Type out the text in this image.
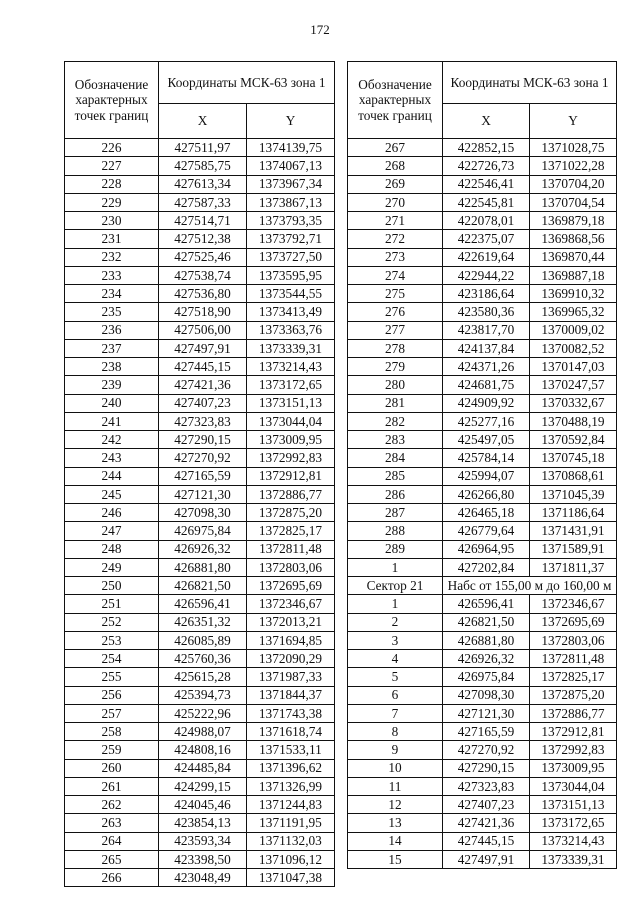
172
Обозначение характерных точек границ	Координаты МСК-63 зона 1	
	X	Y
226	427511,97	1374139,75
227	427585,75	1374067,13
228	427613,34	1373967,34
229	427587,33	1373867,13
230	427514,71	1373793,35
231	427512,38	1373792,71
232	427525,46	1373727,50
233	427538,74	1373595,95
234	427536,80	1373544,55
235	427518,90	1373413,49
236	427506,00	1373363,76
237	427497,91	1373339,31
238	427445,15	1373214,43
239	427421,36	1373172,65
240	427407,23	1373151,13
241	427323,83	1373044,04
242	427290,15	1373009,95
243	427270,92	1372992,83
244	427165,59	1372912,81
245	427121,30	1372886,77
246	427098,30	1372875,20
247	426975,84	1372825,17
248	426926,32	1372811,48
249	426881,80	1372803,06
250	426821,50	1372695,69
251	426596,41	1372346,67
252	426351,32	1372013,21
253	426085,89	1371694,85
254	425760,36	1372090,29
255	425615,28	1371987,33
256	425394,73	1371844,37
257	425222,96	1371743,38
258	424988,07	1371618,74
259	424808,16	1371533,11
260	424485,84	1371396,62
261	424299,15	1371326,99
262	424045,46	1371244,83
263	423854,13	1371191,95
264	423593,34	1371132,03
265	423398,50	1371096,12
266	423048,49	1371047,38
Обозначение характерных точек границ	Координаты МСК-63 зона 1	
	X	Y
267	422852,15	1371028,75
268	422726,73	1371022,28
269	422546,41	1370704,20
270	422545,81	1370704,54
271	422078,01	1369879,18
272	422375,07	1369868,56
273	422619,64	1369870,44
274	422944,22	1369887,18
275	423186,64	1369910,32
276	423580,36	1369965,32
277	423817,70	1370009,02
278	424137,84	1370082,52
279	424371,26	1370147,03
280	424681,75	1370247,57
281	424909,92	1370332,67
282	425277,16	1370488,19
283	425497,05	1370592,84
284	425784,14	1370745,18
285	425994,07	1370868,61
286	426266,80	1371045,39
287	426465,18	1371186,64
288	426779,64	1371431,91
289	426964,95	1371589,91
1	427202,84	1371811,37
Сектор 21	Набс от 155,00 м до 160,00 м	

1	426596,41	1372346,67
2	426821,50	1372695,69
3	426881,80	1372803,06
4	426926,32	1372811,48
5	426975,84	1372825,17
6	427098,30	1372875,20
7	427121,30	1372886,77
8	427165,59	1372912,81
9	427270,92	1372992,83
10	427290,15	1373009,95
11	427323,83	1373044,04
12	427407,23	1373151,13
13	427421,36	1373172,65
14	427445,15	1373214,43
15	427497,91	1373339,31
